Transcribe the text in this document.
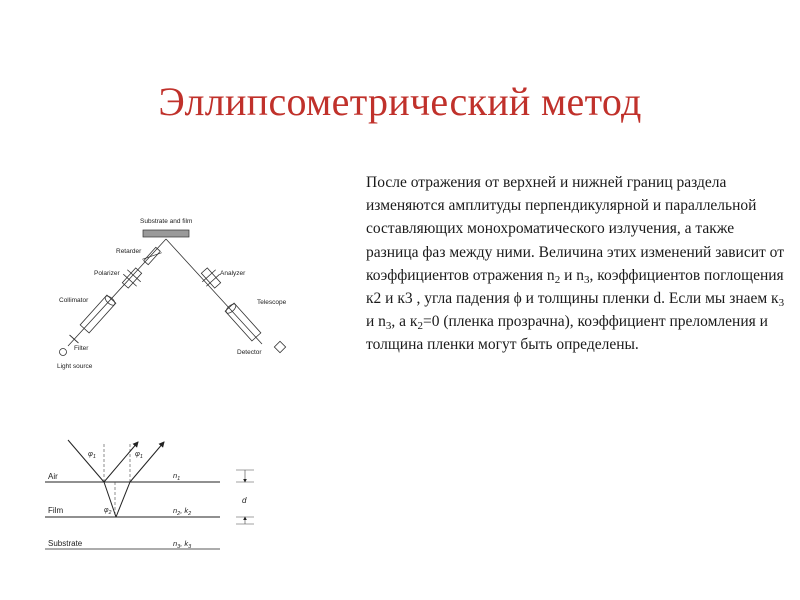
Эллипсометрический метод
Substrate and film
Retarder
Polarizer
Collimator
Filter
Light source
Analyzer
Telescope
Detector
Air
Film
Substrate
$\varphi_1$	$\varphi_1$
$\varphi_2$
$n_1$
$n_2$, $k_2$
$n_3$, $k_3$
d

После отражения от верхней и нижней границ раздела изменяются амплитуды перпендикулярной и параллельной составляющих монохроматического излучения, а также разница фаз между ними. Величина этих изменений зависит от коэффициентов отражения $n_2$ и $n_3$, коэффициентов поглощения к2 и к3 , угла падения ϕ и толщины пленки d. Если мы знаем $к_3$ и $n_3$, а $к_2=0$ (пленка прозрачна), коэффициент преломления и толщина пленки могут быть определены.
